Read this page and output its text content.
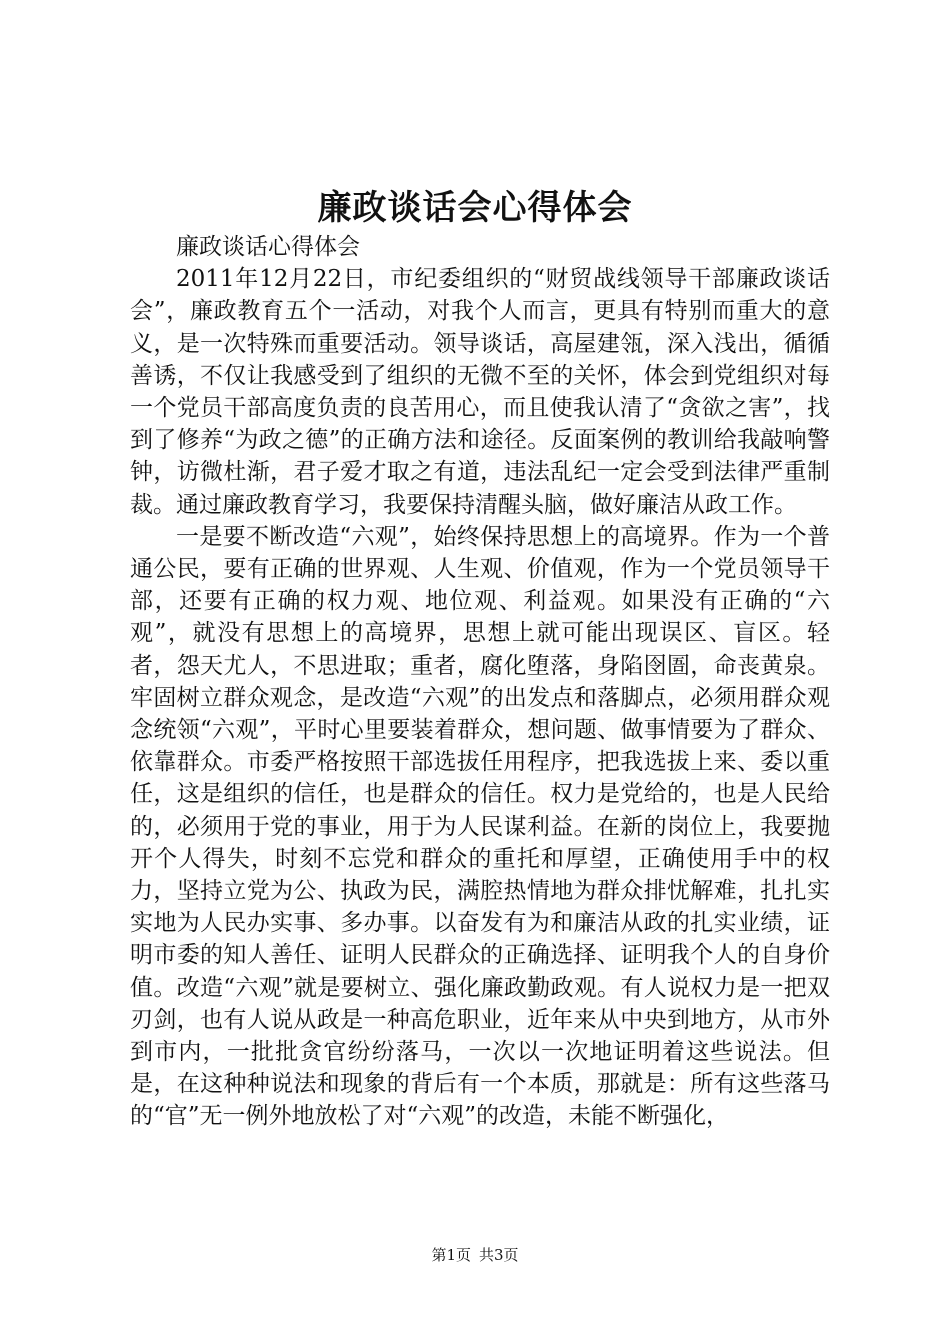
廉政谈话会心得体会

廉政谈话心得体会

2011年12月22日，市纪委组织的“财贸战线领导干部廉政谈话会”，廉政教育五个一活动，对我个人而言，更具有特别而重大的意义，是一次特殊而重要活动。领导谈话，高屋建瓴，深入浅出，循循善诱，不仅让我感受到了组织的无微不至的关怀，体会到党组织对每一个党员干部高度负责的良苦用心，而且使我认清了“贪欲之害”，找到了修养“为政之德”的正确方法和途径。反面案例的教训给我敲响警钟，访微杜渐，君子爱才取之有道，违法乱纪一定会受到法律严重制裁。通过廉政教育学习，我要保持清醒头脑，做好廉洁从政工作。

一是要不断改造“六观”，始终保持思想上的高境界。作为一个普通公民，要有正确的世界观、人生观、价值观，作为一个党员领导干部，还要有正确的权力观、地位观、利益观。如果没有正确的“六观”，就没有思想上的高境界，思想上就可能出现误区、盲区。轻者，怨天尤人，不思进取；重者，腐化堕落，身陷囹圄，命丧黄泉。牢固树立群众观念，是改造“六观”的出发点和落脚点，必须用群众观念统领“六观”，平时心里要装着群众，想问题、做事情要为了群众、依靠群众。市委严格按照干部选拔任用程序，把我选拔上来、委以重任，这是组织的信任，也是群众的信任。权力是党给的，也是人民给的，必须用于党的事业，用于为人民谋利益。在新的岗位上，我要抛开个人得失，时刻不忘党和群众的重托和厚望，正确使用手中的权力，坚持立党为公、执政为民，满腔热情地为群众排忧解难，扎扎实实地为人民办实事、多办事。以奋发有为和廉洁从政的扎实业绩，证明市委的知人善任、证明人民群众的正确选择、证明我个人的自身价值。改造“六观”就是要树立、强化廉政勤政观。有人说权力是一把双刃剑，也有人说从政是一种高危职业，近年来从中央到地方，从市外到市内，一批批贪官纷纷落马，一次以一次地证明着这些说法。但是，在这种种说法和现象的背后有一个本质，那就是：所有这些落马的“官”无一例外地放松了对“六观”的改造，未能不断强化，

第1页 共3页
